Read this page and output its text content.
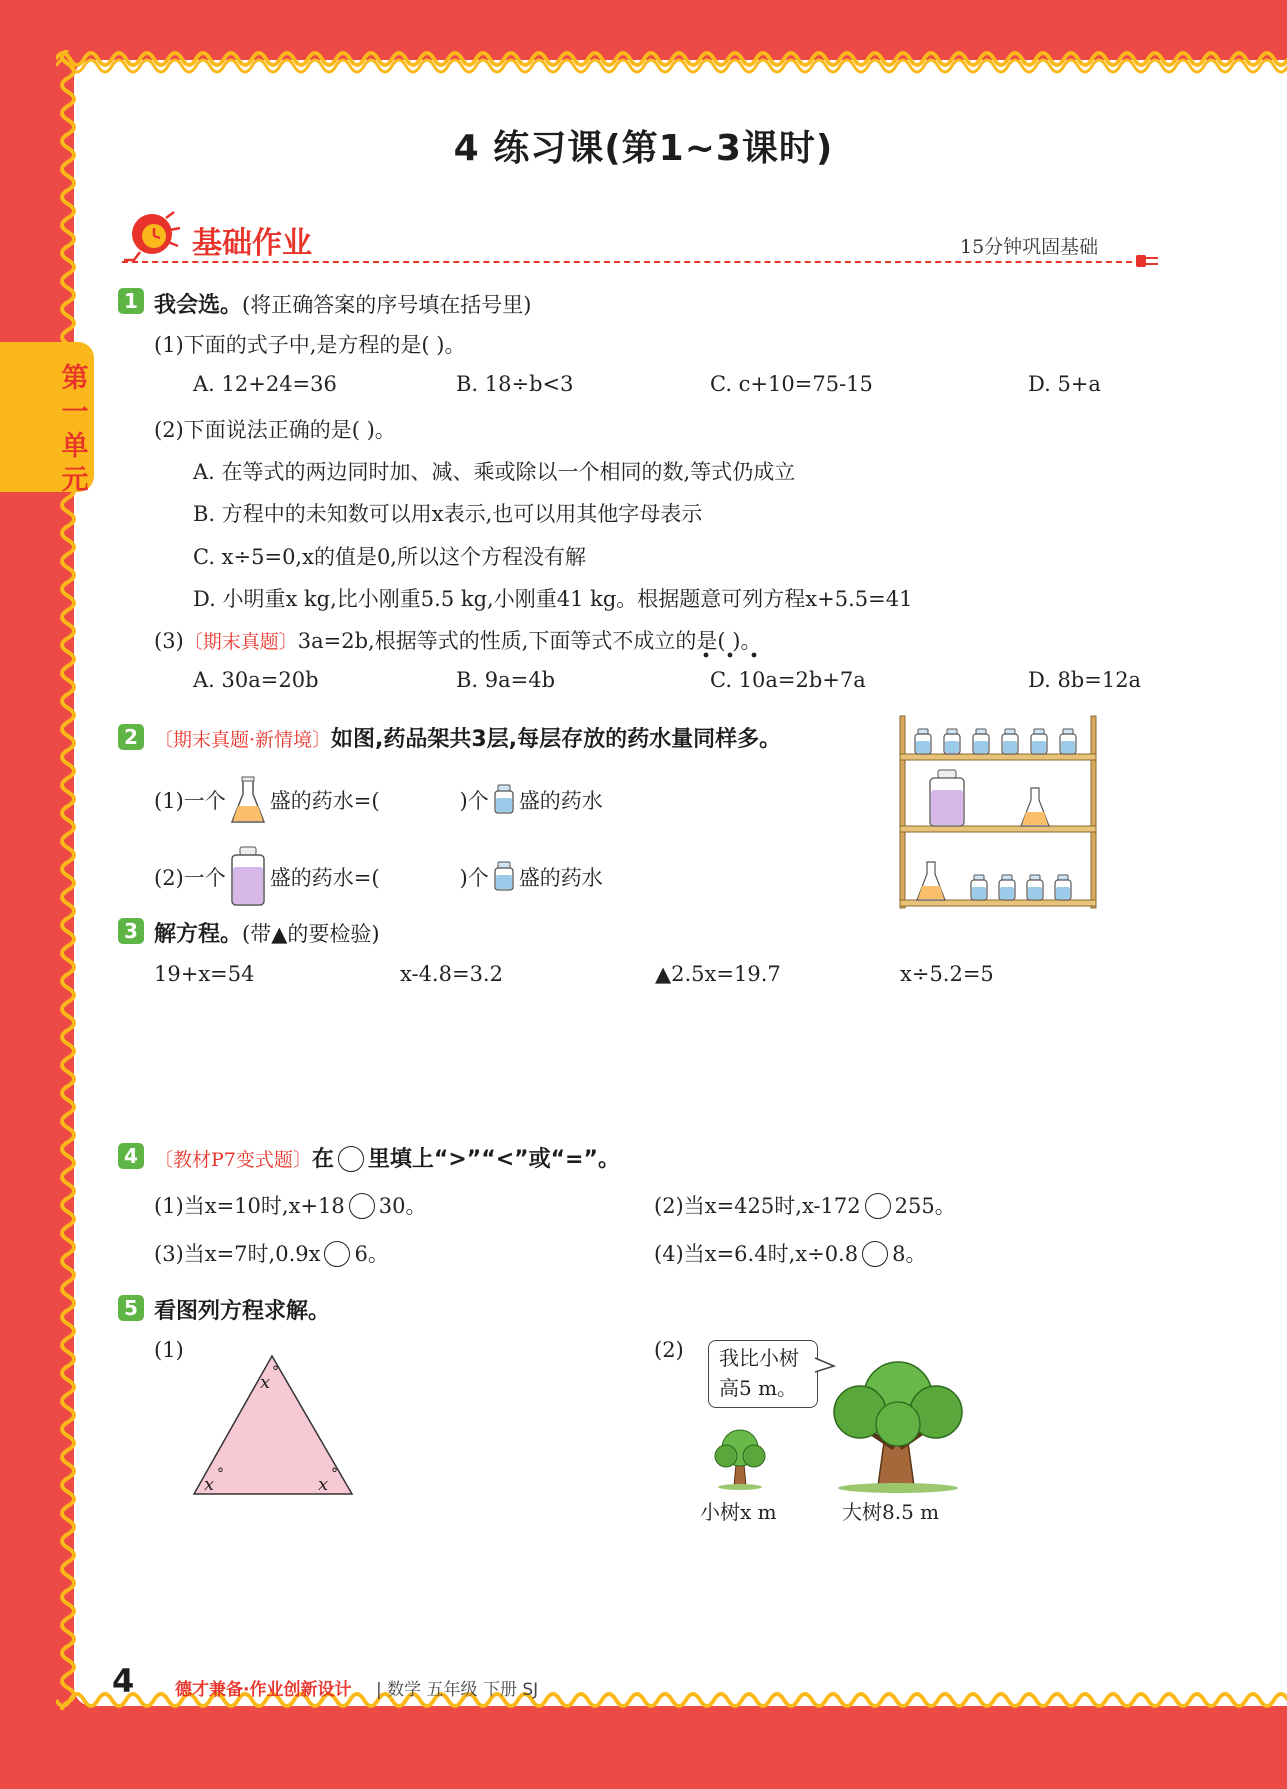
第一单元
4 练习课(第1~3课时)
基础作业	15分钟巩固基础
1 我会选。(将正确答案的序号填在括号里)
(1)下面的式子中,是方程的是( )。
A. 12+24=36	B. 18÷b<3	C. c+10=75-15	D. 5+a
(2)下面说法正确的是( )。
A. 在等式的两边同时加、减、乘或除以一个相同的数,等式仍成立
B. 方程中的未知数可以用x表示,也可以用其他字母表示
C. x÷5=0,x的值是0,所以这个方程没有解
D. 小明重x kg,比小刚重5.5 kg,小刚重41 kg。根据题意可列方程x+5.5=41
(3)〔期末真题〕3a=2b,根据等式的性质,下面等式不成立的是( )。
A. 30a=20b	B. 9a=4b	C. 10a=2b+7a	D. 8b=12a
2 〔期末真题·新情境〕如图,药品架共3层,每层存放的药水量同样多。
(1)一个 盛的药水=(	)个 盛的药水
(2)一个 盛的药水=(	)个 盛的药水
3 解方程。(带▲的要检验)
19+x=54	x-4.8=3.2	▲2.5x=19.7	x÷5.2=5
4 〔教材P7变式题〕在 里填上“>”“<”或“=”。
(1)当x=10时,x+18 30。	(2)当x=425时,x-172 255。
(3)当x=7时,0.9x 6。	(4)当x=6.4时,x÷0.8 8。
5 看图列方程求解。
(1)
x °
x °	x °
(2) 我比小树
高5 m。
小树x m	大树8.5 m
4 德才兼备·作业创新设计 | 数学 五年级 下册 SJ
